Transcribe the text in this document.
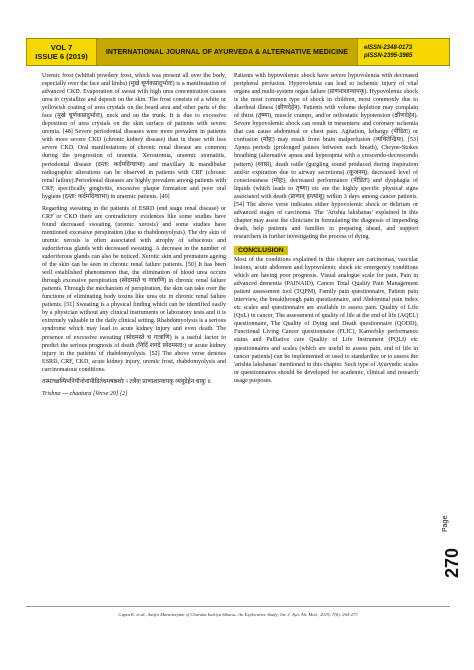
VOL 7
ISSUE 6 (2019)	INTERNATIONAL JOURNAL OF AYURVEDA & ALTERNATIVE MEDICINE
eISSN-2348-0173
pISSN-2395-3985

Uremic frost (whitish powdery frost, which was present all over the body, especially over the face and limbs) (मुखे चूर्णकप्रादुर्भावः) is a manifestation of advanced CKD. Evaporation of sweat with high urea concentration causes urea to crystallize and deposit on the skin. The frost consists of a white or yellowish coating of urea crystals on the beard area and other parts of the face (मुखे चूर्णकप्रादुर्भावः), neck and on the trunk. It is due to excessive deposition of urea crystals on the skin surface of patients with severe uremia. [48] Severe periodontal diseases were more prevalent in patients with more severe CKD (chronic kidney disease) than in those with less severe CKD. Oral manifestations of chronic renal disease are common during the progression of uraemia. Xerostomia, uraemic stomatitis, periodontal disease (दन्ता: कर्दमदिग्धाभा) and maxillary & mandibular radiographic alterations can be observed in patients with CRF (chronic renal failure).Periodontal diseases are highly prevalent among patients with CRF, specifically gingivitis, excessive plaque formation and poor oral hygiene (दन्ता: कर्दमदिग्धाभा) in uraemic patients. [49]

Regarding sweating in the patients of ESRD (end stage renal disease) or CRF or CKD there are contradictory evidences like some studies have found decreased sweating (uremic xerosis) and some studies have mentioned excessive perspiration (due to rhabdomyolysis). The dry skin of uremic xerosis is often associated with atrophy of sebaceous and sudoriferous glands with decreased sweating. A decrease in the number of sudoriferous glands can also be noticed. Xerotic skin and premature ageing of the skin can be seen in chronic renal failure patients. [50] It has been well established phenomenon that, the elimination of blood urea occurs through excessive perspiration (स्वेदमस्ते च गात्राणि) in chronic renal failure patients. Through the mechanism of perspiration, the skin can take over the functions of eliminating body toxins like urea etc in chronic renal failure patients. [51] Sweating is a physical finding which can be identified easily by a physician without any clinical instruments or laboratory tests and it is extremely valuable in the daily clinical setting. Rhabdomyolysis is a serious syndrome which may lead to acute kidney injury and even death. The presence of excessive sweating (स्वेदमस्ते च गात्राणि) is a useful factor to predict the serious prognosis of death (निर्दि शगदे स्वेदमस्ता:) or acute kidney injury in the patients of rhabdomyolysis. [52] The above verse denotes ESRD, CRF, CKD, acute kidney injury, uremic frost, rhabdomyolysis and carcinomatous conditions.

तस्माच्छम्पिपनिपीनोनापीडितेधमषष्ठशोः । तत्रैवः प्राणाशान्वापकृ व्ययुदेहेन चायुः ॥

Trishna --- chaatura [Verse 20] [2]

Patients with hypovolemic shock have severe hypovolemia with decreased peripheral perfusion. Hypovolemia can lead to ischemic injury of vital organs and multi-system organ failure (प्राणनाशान्वापकृ). Hypovolemic shock is the most common type of shock in children, most commonly due to diarrheal illness (क्षीणदेहेन). Patients with volume depletion may complain of thirst (तृष्णा), muscle cramps, and/or orthostatic hypotension (क्षीणदेहेन). Severe hypovolemic shock can result in mesenteric and coronary ischemia that can cause abdominal or chest pain. Agitation, lethargy (पीडितः) or confusion (मोहः) may result from brain malperfusion (व्यथितेन्द्रियः). [53] Apnea periods (prolonged pauses between each breath), Cheyne-Stokes breathing (alternative apnea and hyperapnia with a crescendo-decrescendo pattern) (श्वास), death rattle (gurgling sound produced during inspiration and/or expiration due to airway secretions) (कूजनम्), decreased level of consciousness (मोहः), decreased performance (पीडितः) and dysphagia of liquids (which leads to तृष्णा) etc are the highly specific physical signs associated with death (प्राणान् हन्त्याशु) within 3 days among cancer patients. [54] The above verse indicates either hypovolemic shock or delirium or advanced stages of carcinoma. The 'Arishta lakshanas' explained in this chapter may assist the clinicians in formulating the diagnosis of impending death, help patients and families in preparing ahead, and support researchers in further investigating the process of dying.

CONCLUSION

Most of the conditions explained in this chapter are carcinomas, vascular lesions, acute abdomen and hypovolemic shock etc emergency conditions which are having poor prognosis. Visual analogue scale for pain, Pain in advanced dementia (PAINAID), Cancer Total Quality Pain Management patient assessment tool (TQPM), Family pain questionnaire, Patient pain interview, the breakthrough pain questionnaire, and Abdominal pain index etc scales and questionnaire are available to assess pain. Quality of Life (QoL) in cancer, The assessment of quality of life at the end of life (AQEL) questionnaire, The Quality of Dying and Death questionnaire (QODD), Functional Living Cancer questionnaire (FLIC), Karnofsky performance status and Palliative care Quality of Life Instrument (PQLI) etc questionnaires and scales (which are useful to assess pain, end of life in cancer patients) can be implemented or used to standardize or to assess the 'arishta lakshanas' mentioned in this chapter. Such type of Ayurvedic scales or questionnaires should be developed for academic, clinical and research usage purposes.

Page
270
Gupta K. et.al., Sadyo Maraneeyam of Charaka Indriya Sthana– An Explorative Study; Int. J. Ayu. Alt. Med., 2019; 7(6): 264-273
